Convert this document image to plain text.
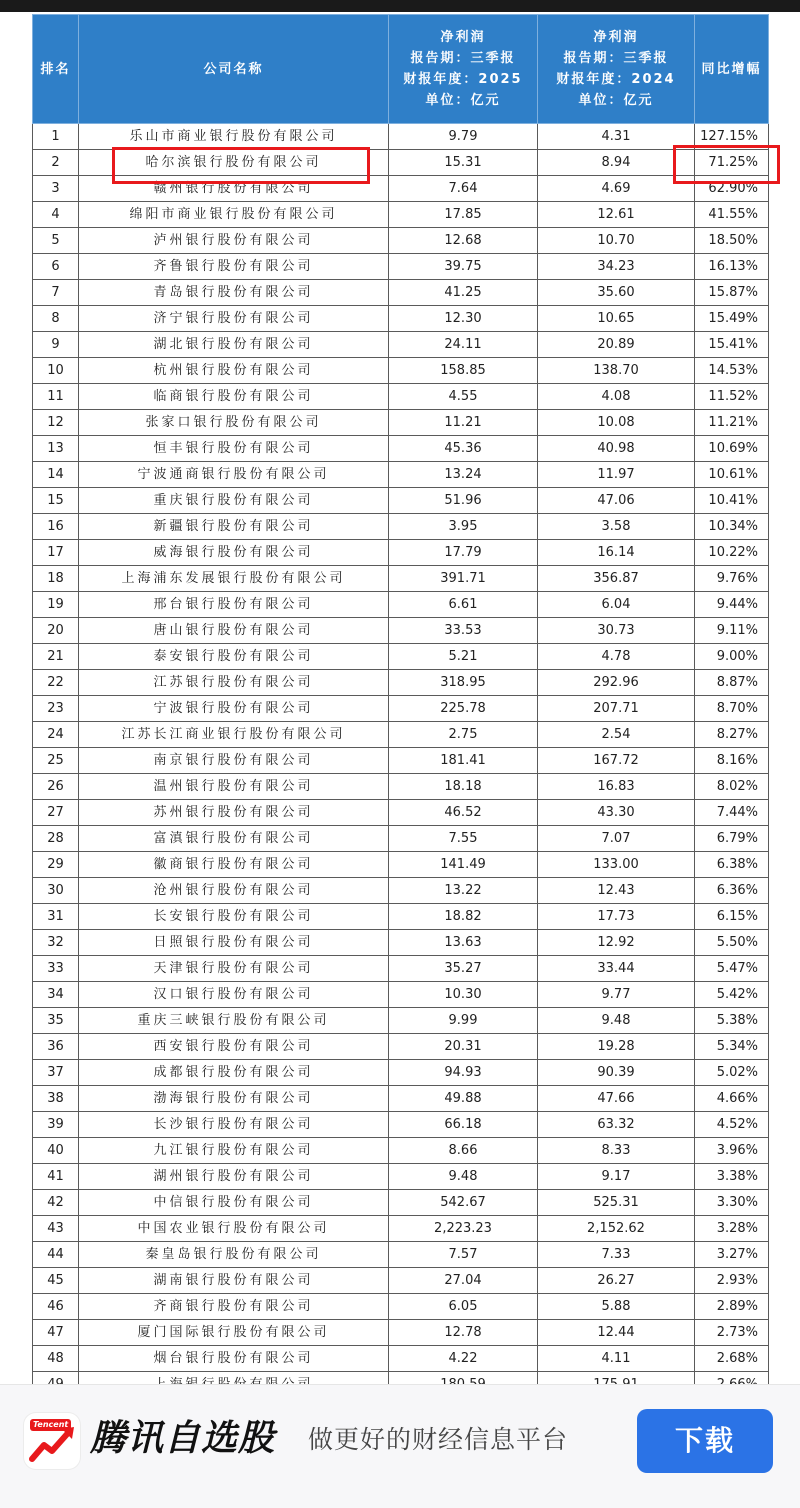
排名	公司名称	净利润
报告期：三季报
财报年度：2025
单位：亿元	净利润
报告期：三季报
财报年度：2024
单位：亿元	同比增幅

1	乐山市商业银行股份有限公司	9.79	4.31	127.15%
2	哈尔滨银行股份有限公司	15.31	8.94	71.25%
3	赣州银行股份有限公司	7.64	4.69	62.90%
4	绵阳市商业银行股份有限公司	17.85	12.61	41.55%
5	泸州银行股份有限公司	12.68	10.70	18.50%
6	齐鲁银行股份有限公司	39.75	34.23	16.13%
7	青岛银行股份有限公司	41.25	35.60	15.87%
8	济宁银行股份有限公司	12.30	10.65	15.49%
9	湖北银行股份有限公司	24.11	20.89	15.41%
10	杭州银行股份有限公司	158.85	138.70	14.53%
11	临商银行股份有限公司	4.55	4.08	11.52%
12	张家口银行股份有限公司	11.21	10.08	11.21%
13	恒丰银行股份有限公司	45.36	40.98	10.69%
14	宁波通商银行股份有限公司	13.24	11.97	10.61%
15	重庆银行股份有限公司	51.96	47.06	10.41%
16	新疆银行股份有限公司	3.95	3.58	10.34%
17	威海银行股份有限公司	17.79	16.14	10.22%
18	上海浦东发展银行股份有限公司	391.71	356.87	9.76%
19	邢台银行股份有限公司	6.61	6.04	9.44%
20	唐山银行股份有限公司	33.53	30.73	9.11%
21	泰安银行股份有限公司	5.21	4.78	9.00%
22	江苏银行股份有限公司	318.95	292.96	8.87%
23	宁波银行股份有限公司	225.78	207.71	8.70%
24	江苏长江商业银行股份有限公司	2.75	2.54	8.27%
25	南京银行股份有限公司	181.41	167.72	8.16%
26	温州银行股份有限公司	18.18	16.83	8.02%
27	苏州银行股份有限公司	46.52	43.30	7.44%
28	富滇银行股份有限公司	7.55	7.07	6.79%
29	徽商银行股份有限公司	141.49	133.00	6.38%
30	沧州银行股份有限公司	13.22	12.43	6.36%
31	长安银行股份有限公司	18.82	17.73	6.15%
32	日照银行股份有限公司	13.63	12.92	5.50%
33	天津银行股份有限公司	35.27	33.44	5.47%
34	汉口银行股份有限公司	10.30	9.77	5.42%
35	重庆三峡银行股份有限公司	9.99	9.48	5.38%
36	西安银行股份有限公司	20.31	19.28	5.34%
37	成都银行股份有限公司	94.93	90.39	5.02%
38	渤海银行股份有限公司	49.88	47.66	4.66%
39	长沙银行股份有限公司	66.18	63.32	4.52%
40	九江银行股份有限公司	8.66	8.33	3.96%
41	湖州银行股份有限公司	9.48	9.17	3.38%
42	中信银行股份有限公司	542.67	525.31	3.30%
43	中国农业银行股份有限公司	2,223.23	2,152.62	3.28%
44	秦皇岛银行股份有限公司	7.57	7.33	3.27%
45	湖南银行股份有限公司	27.04	26.27	2.93%
46	齐商银行股份有限公司	6.05	5.88	2.89%
47	厦门国际银行股份有限公司	12.78	12.44	2.73%
48	烟台银行股份有限公司	4.22	4.11	2.68%

Tencent 腾讯自选股 做更好的财经信息平台	下载
